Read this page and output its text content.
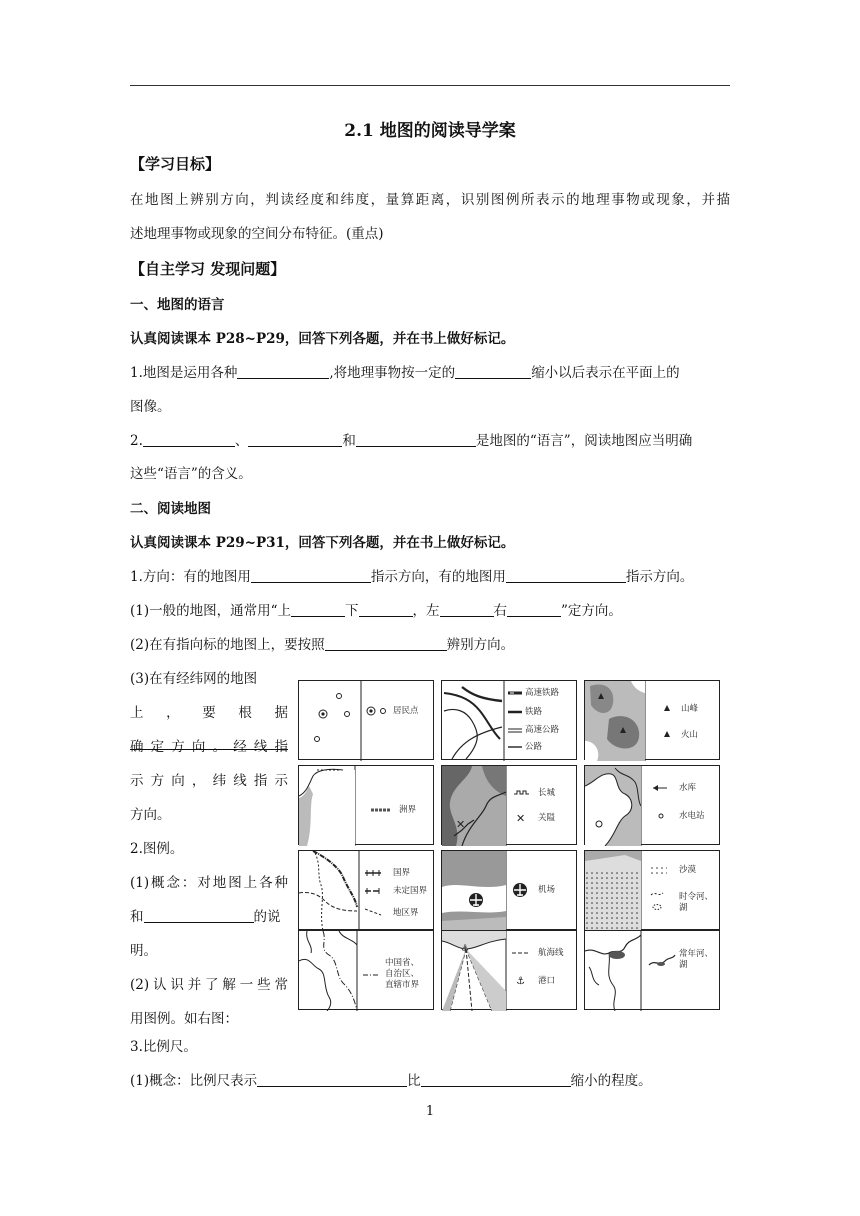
2.1 地图的阅读导学案
【学习目标】
在地图上辨别方向，判读经度和纬度，量算距离，识别图例所表示的地理事物或现象，并描
述地理事物或现象的空间分布特征。(重点)
【自主学习 发现问题】
一、地图的语言
认真阅读课本 P28~P29，回答下列各题，并在书上做好标记。
1.地图是运用各种	,将地理事物按一定的	缩小以后表示在平面上的
图像。
2.	、	和	是地图的“语言”，阅读地图应当明确
这些“语言”的含义。
二、阅读地图
认真阅读课本 P29~P31，回答下列各题，并在书上做好标记。
1.方向：有的地图用	指示方向，有的地图用	指示方向。
(1)一般的地图，通常用“上	下	，左	右	”定方向。
(2)在有指向标的地图上，要按照	辨别方向。
(3)在有经纬网的地图
上 ， 要 根 据
确定方向。经线指
示方向，纬线指示
方向。
2.图例。
(1)概念：对地图上各种
和	的说
明。
(2)认识并了解一些常
用图例。如右图：
3.比例尺。
(1)概念：比例尺表示	比	缩小的程度。
居民点
高速铁路
铁路
高速公路
公路
山峰
火山
洲界
✕
✕
长城
关隘
水库
水电站
国界
未定国界
地区界
机场
沙漠
时令河、
湖
中国省、
自治区、
直辖市界
⚓
⚓
航海线
港口
常年河、
湖
1
